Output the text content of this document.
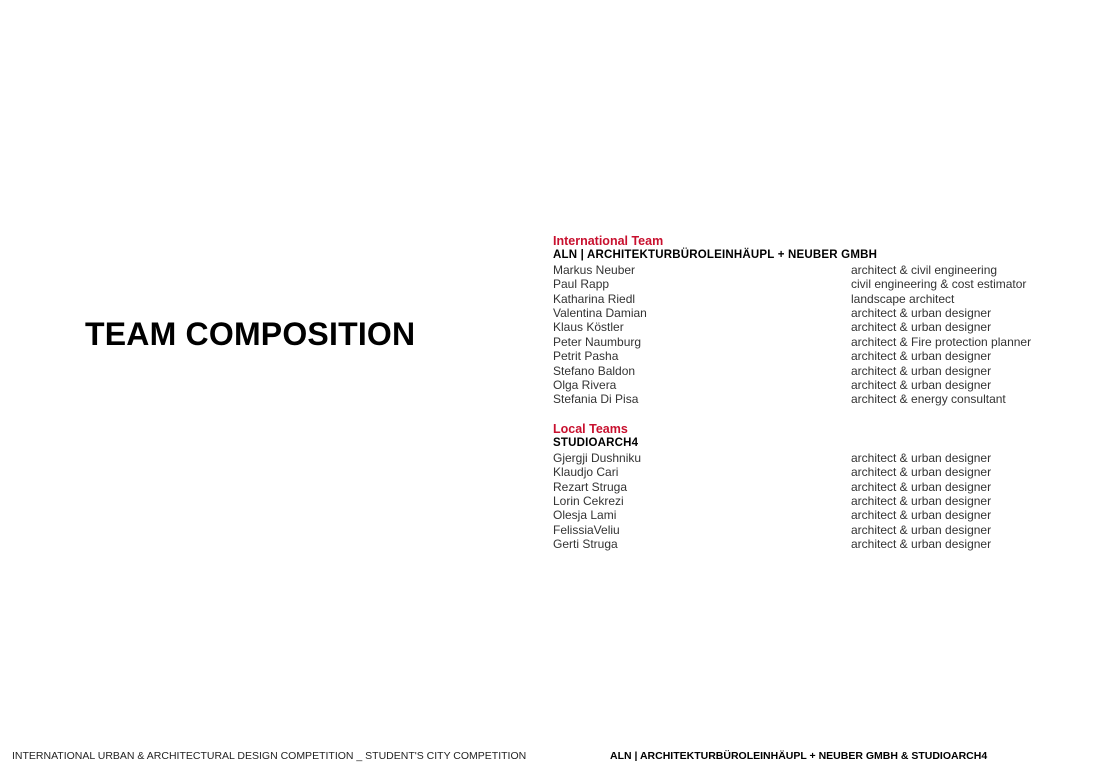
TEAM COMPOSITION
International Team
ALN | ARCHITEKTURBÜROLEINHÄUPL + NEUBER GMBH
Markus Neuber	architect & civil engineering
Paul Rapp	civil engineering & cost estimator
Katharina Riedl	landscape architect
Valentina Damian	architect & urban designer
Klaus Köstler	architect & urban designer
Peter Naumburg	architect & Fire protection planner
Petrit Pasha	architect & urban designer
Stefano Baldon	architect & urban designer
Olga Rivera	architect & urban designer
Stefania Di Pisa	architect & energy consultant
Local Teams
STUDIOARCH4
Gjergji Dushniku	architect & urban designer
Klaudjo Cari	architect & urban designer
Rezart Struga	architect & urban designer
Lorin Cekrezi	architect & urban designer
Olesja Lami	architect & urban designer
FelissiaVeliu	architect & urban designer
Gerti Struga	architect & urban designer
INTERNATIONAL URBAN & ARCHITECTURAL DESIGN COMPETITION _ STUDENT'S CITY COMPETITION	ALN | ARCHITEKTURBÜROLEINHÄUPL + NEUBER GMBH & STUDIOARCH4
